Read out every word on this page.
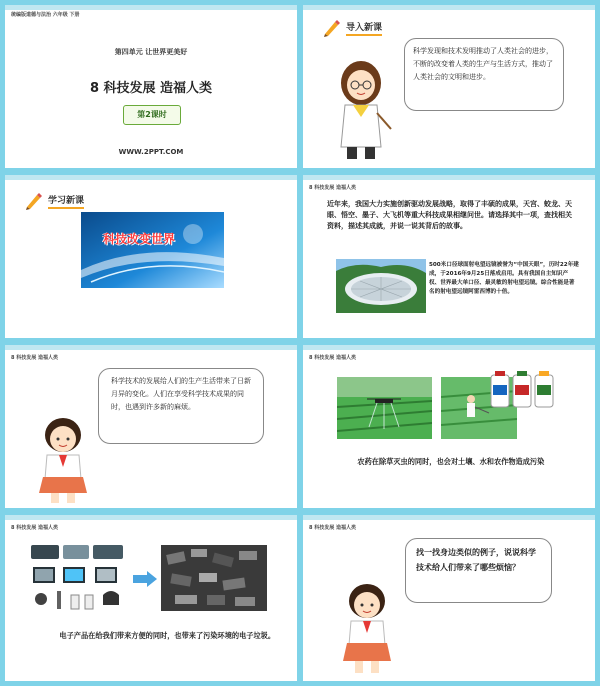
统编版道德与法治 六年级 下册
第四单元 让世界更美好
8 科技发展 造福人类
第2课时
WWW.2PPT.COM
导入新课
科学发现和技术发明推动了人类社会的进步，不断的改变着人类的生产与生活方式，推动了人类社会的文明和进步。
学习新课
科技改变世界
8 科技发展 造福人类
近年来，我国大力实施创新驱动发展战略，取得了丰硕的成果，天宫、蛟龙、天眼、悟空、墨子、大飞机等重大科技成果相继问世。请选择其中一项，查找相关资料，描述其成就，并说一说其背后的故事。
500米口径球面射电望远镜被誉为“中国天眼”，历时22年建成，于2016年9月25日落成启用。具有我国自主知识产权、世界最大单口径、最灵敏的射电望远镜。综合性能是著名的射电望远镜阿雷西博的十倍。
8 科技发展 造福人类
科学技术的发展给人们的生产生活带来了日新月异的变化。人们在享受科学技术成果的同时，也遇到许多新的麻烦。
8 科技发展 造福人类
农药在除草灭虫的同时，也会对土壤、水和农作物造成污染
8 科技发展 造福人类
电子产品在给我们带来方便的同时，也带来了污染环境的电子垃圾。
8 科技发展 造福人类
找一找身边类似的例子，说说科学技术给人们带来了哪些烦恼？
